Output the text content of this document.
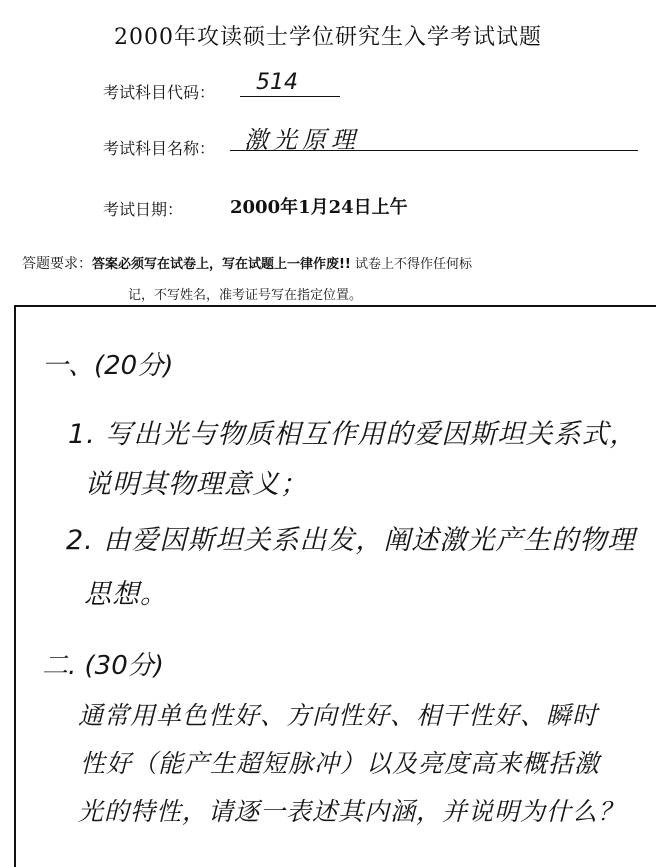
2000年攻读硕士学位研究生入学考试试题
考试科目代码： 514
考试科目名称： 激光原理
考试日期：	2000年1月24日上午
答题要求：答案必须写在试卷上，写在试题上一律作废!! 试卷上不得作任何标
记，不写姓名，准考证号写在指定位置。
一、(20分)
1. 写出光与物质相互作用的爱因斯坦关系式，
说明其物理意义；
2. 由爱因斯坦关系出发，阐述激光产生的物理
思想。
二. (30分)
通常用单色性好、方向性好、相干性好、瞬时
性好（能产生超短脉冲）以及亮度高来概括激
光的特性，请逐一表述其内涵，并说明为什么？
